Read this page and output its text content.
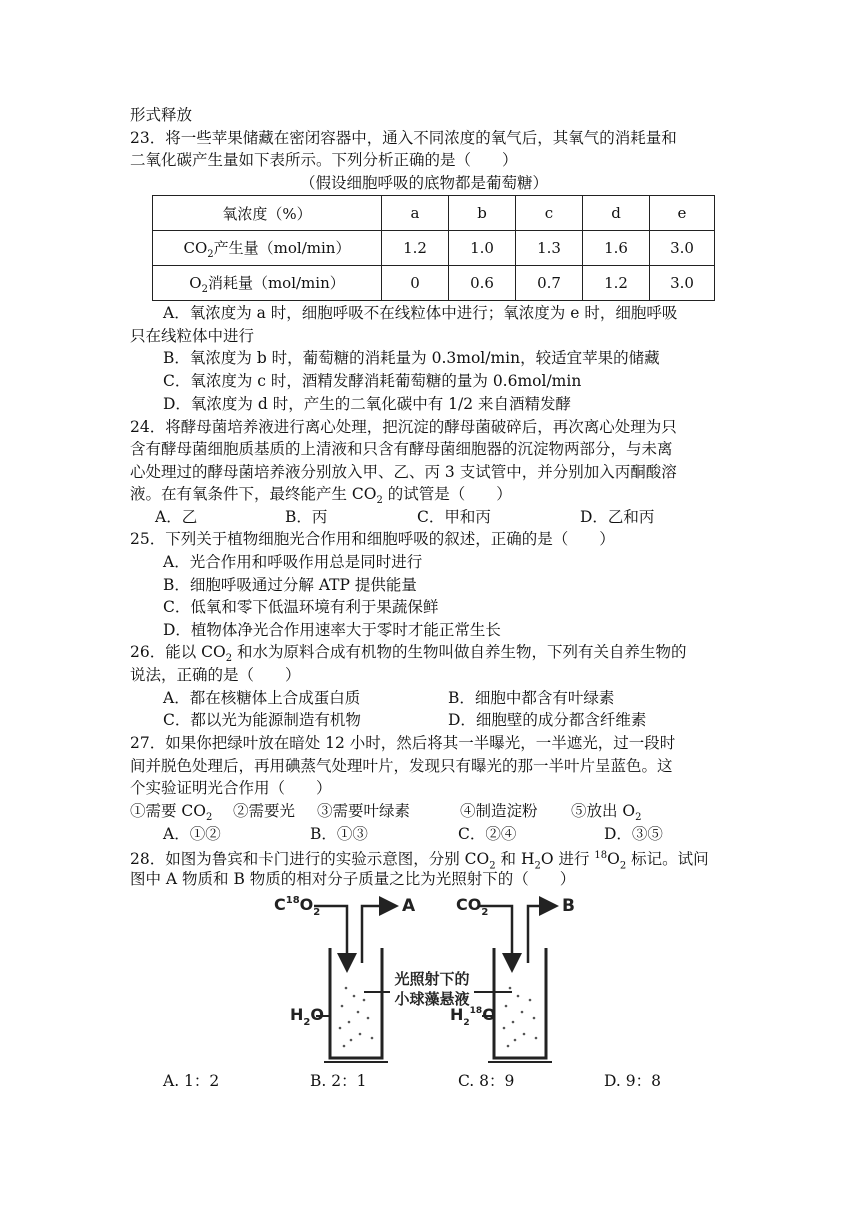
形式释放
23．将一些苹果储藏在密闭容器中，通入不同浓度的氧气后，其氧气的消耗量和
二氧化碳产生量如下表所示。下列分析正确的是（　　）
（假设细胞呼吸的底物都是葡萄糖）
氧浓度（%）	a	b	c	d	e
$CO_2$产生量（mol/min）	1.2	1.0	1.3	1.6	3.0
$O_2$消耗量（mol/min）	0	0.6	0.7	1.2	3.0
A．氧浓度为 a 时，细胞呼吸不在线粒体中进行；氧浓度为 e 时，细胞呼吸
只在线粒体中进行
B．氧浓度为 b 时，葡萄糖的消耗量为 0.3mol/min，较适宜苹果的储藏
C．氧浓度为 c 时，酒精发酵消耗葡萄糖的量为 0.6mol/min
D．氧浓度为 d 时，产生的二氧化碳中有 1/2 来自酒精发酵
24．将酵母菌培养液进行离心处理，把沉淀的酵母菌破碎后，再次离心处理为只
含有酵母菌细胞质基质的上清液和只含有酵母菌细胞器的沉淀物两部分，与未离
心处理过的酵母菌培养液分别放入甲、乙、丙 3 支试管中，并分别加入丙酮酸溶
液。在有氧条件下，最终能产生 $CO_2$ 的试管是（　　）
A．乙	B．丙	C．甲和丙	D．乙和丙
25．下列关于植物细胞光合作用和细胞呼吸的叙述，正确的是（　　）
A．光合作用和呼吸作用总是同时进行
B．细胞呼吸通过分解 ATP 提供能量
C．低氧和零下低温环境有利于果蔬保鲜
D．植物体净光合作用速率大于零时才能正常生长
26．能以 $CO_2$ 和水为原料合成有机物的生物叫做自养生物，下列有关自养生物的
说法，正确的是（　　）
A．都在核糖体上合成蛋白质	B．细胞中都含有叶绿素
C．都以光为能源制造有机物	D．细胞壁的成分都含纤维素
27．如果你把绿叶放在暗处 12 小时，然后将其一半曝光，一半遮光，过一段时
间并脱色处理后，再用碘蒸气处理叶片，发现只有曝光的那一半叶片呈蓝色。这
个实验证明光合作用（　　）
①需要 $CO_2$ ②需要光 ③需要叶绿素	④制造淀粉 ⑤放出 $O_2$
A．①②	B．①③	C．②④	D．③⑤
28．如图为鲁宾和卡门进行的实验示意图，分别 $CO_2$ 和 $H_2O$ 进行 $^{18}O_2$ 标记。试问
图中 A 物质和 B 物质的相对分子质量之比为光照射下的（　　）
光照射下的
小球藻悬液
$C^{18}O_2$	A
$H_2O$
$CO_2$	B
$H_2^{18}O$
A. 1：2	B. 2：1	C. 8：9	D. 9：8
